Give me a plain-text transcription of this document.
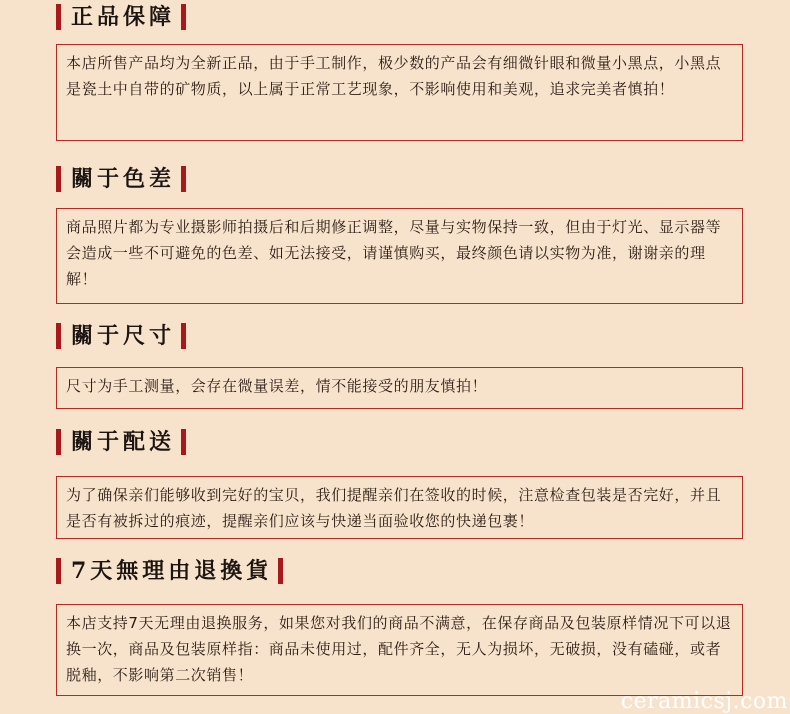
正品保障
本店所售产品均为全新正品，由于手工制作，极少数的产品会有细微针眼和微量小黑点，小黑点是瓷土中自带的矿物质，以上属于正常工艺现象，不影响使用和美观，追求完美者慎拍！
關于色差
商品照片都为专业摄影师拍摄后和后期修正调整，尽量与实物保持一致，但由于灯光、显示器等会造成一些不可避免的色差、如无法接受，请谨慎购买，最终颜色请以实物为准，谢谢亲的理解！
關于尺寸
尺寸为手工测量，会存在微量误差，情不能接受的朋友慎拍！
關于配送
为了确保亲们能够收到完好的宝贝，我们提醒亲们在签收的时候，注意检查包装是否完好，并且是否有被拆过的痕迹，提醒亲们应该与快递当面验收您的快递包裹！
7天無理由退換貨
本店支持7天无理由退换服务，如果您对我们的商品不满意，在保存商品及包装原样情况下可以退换一次，商品及包装原样指：商品未使用过，配件齐全，无人为损坏，无破损，没有磕碰，或者脱釉，不影响第二次销售！
ceramicsj.com
